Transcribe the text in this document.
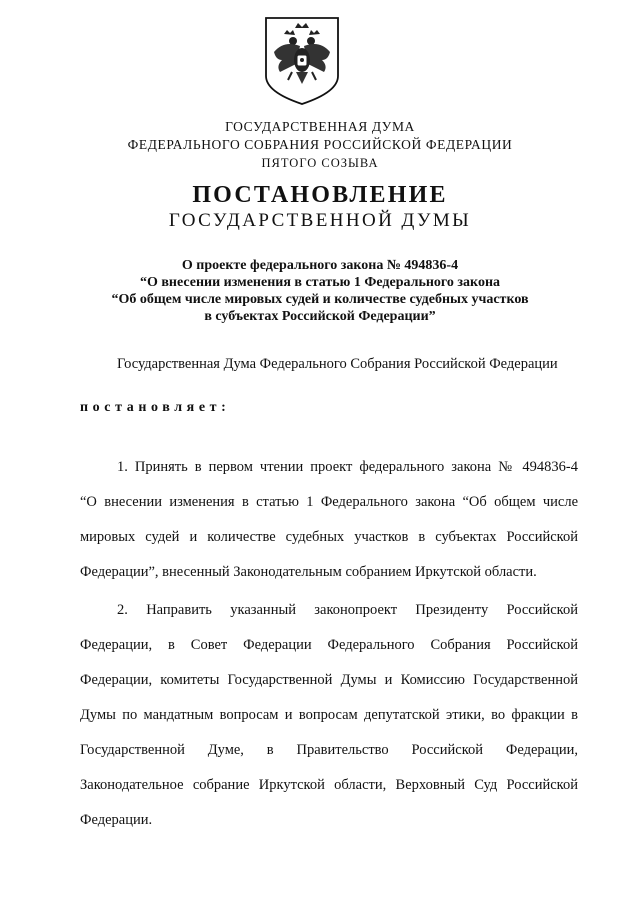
ГОСУДАРСТВЕННАЯ ДУМА
ФЕДЕРАЛЬНОГО СОБРАНИЯ РОССИЙСКОЙ ФЕДЕРАЦИИ
ПЯТОГО СОЗЫВА
ПОСТАНОВЛЕНИЕ
ГОСУДАРСТВЕННОЙ ДУМЫ
О проекте федерального закона № 494836-4
“О внесении изменения в статью 1 Федерального закона
“Об общем числе мировых судей и количестве судебных участков
в субъектах Российской Федерации”
Государственная Дума Федерального Собрания Российской Федерации
постановляет:
1. Принять в первом чтении проект федерального закона № 494836-4
“О внесении изменения в статью 1 Федерального закона “Об общем числе
мировых судей и количестве судебных участков в субъектах Российской
Федерации”, внесенный Законодательным собранием Иркутской области.
2. Направить указанный законопроект Президенту Российской
Федерации, в Совет Федерации Федерального Собрания Российской
Федерации, комитеты Государственной Думы и Комиссию Государственной
Думы по мандатным вопросам и вопросам депутатской этики, во фракции в
Государственной Думе, в Правительство Российской Федерации,
Законодательное собрание Иркутской области, Верховный Суд Российской
Федерации.
